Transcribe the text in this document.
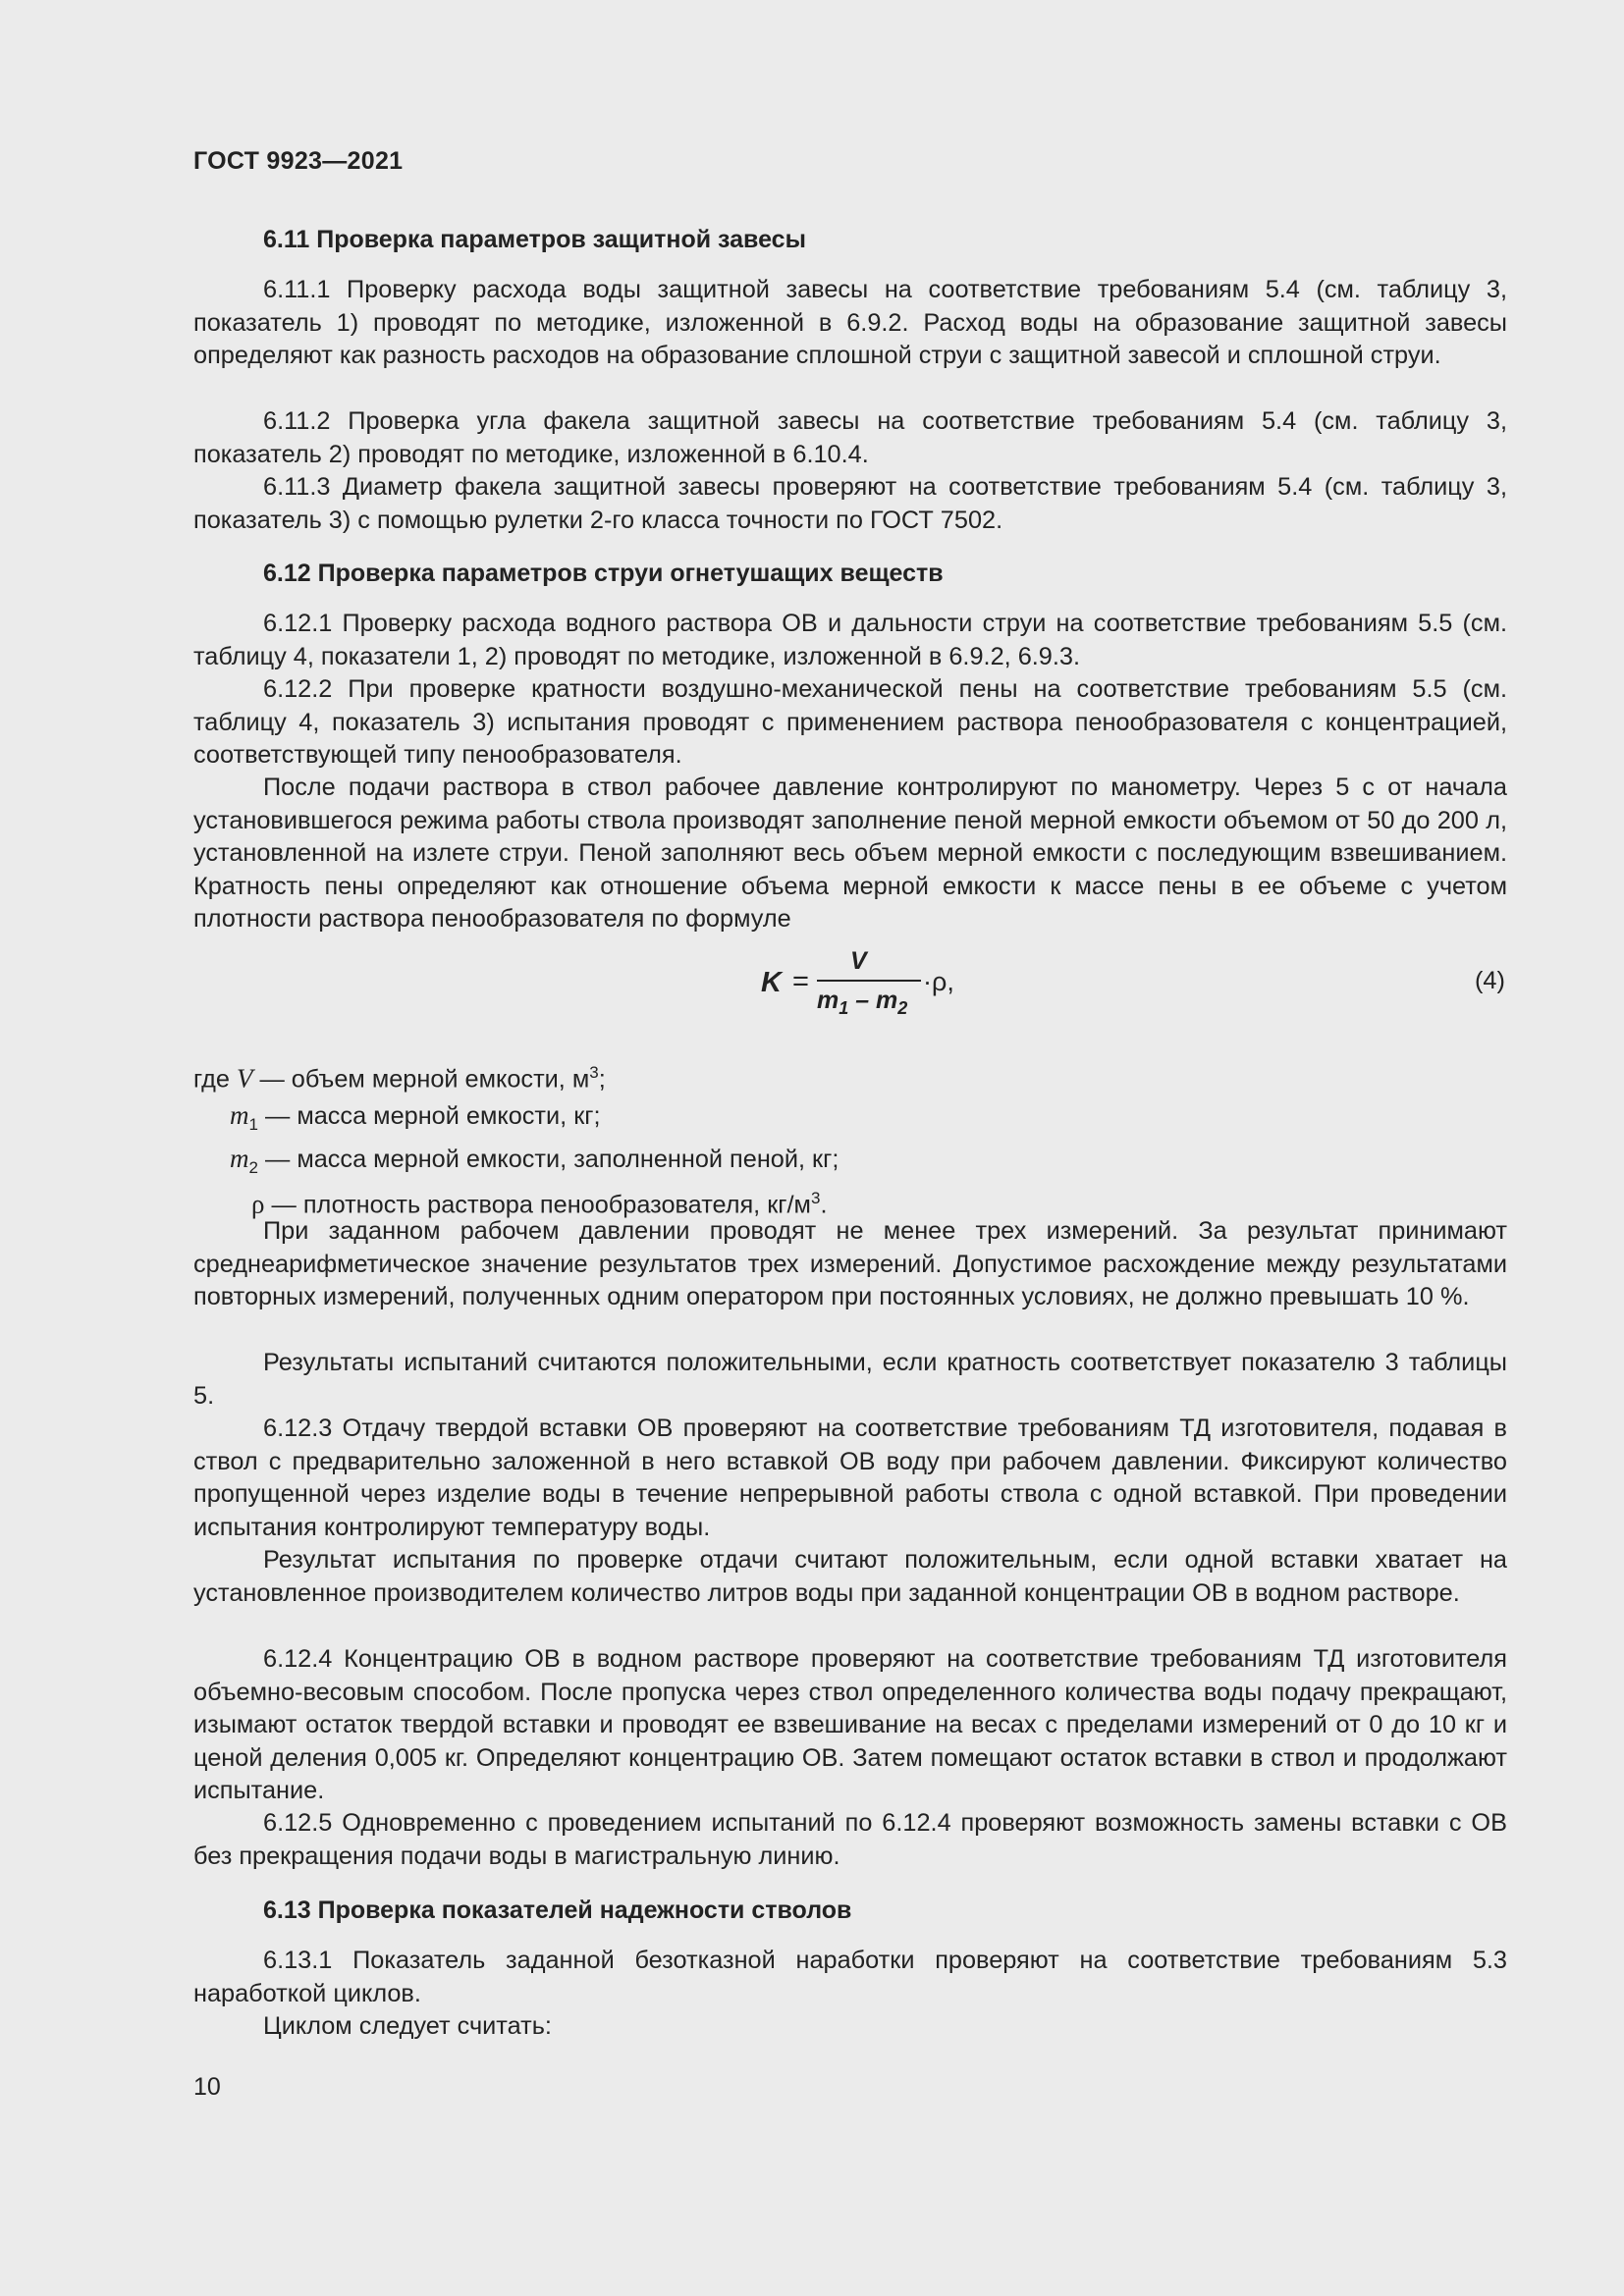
ГОСТ 9923—2021
6.11 Проверка параметров защитной завесы

6.11.1 Проверку расхода воды защитной завесы на соответствие требованиям 5.4 (см. таблицу 3, показатель 1) проводят по методике, изложенной в 6.9.2. Расход воды на образование защитной завесы определяют как разность расходов на образование сплошной струи с защитной завесой и сплошной струи.

6.11.2 Проверка угла факела защитной завесы на соответствие требованиям 5.4 (см. таблицу 3, показатель 2) проводят по методике, изложенной в 6.10.4.

6.11.3 Диаметр факела защитной завесы проверяют на соответствие требованиям 5.4 (см. таблицу 3, показатель 3) с помощью рулетки 2-го класса точности по ГОСТ 7502.

6.12 Проверка параметров струи огнетушащих веществ

6.12.1 Проверку расхода водного раствора ОВ и дальности струи на соответствие требованиям 5.5 (см. таблицу 4, показатели 1, 2) проводят по методике, изложенной в 6.9.2, 6.9.3.

6.12.2 При проверке кратности воздушно-механической пены на соответствие требованиям 5.5 (см. таблицу 4, показатель 3) испытания проводят с применением раствора пенообразователя с концентрацией, соответствующей типу пенообразователя.

После подачи раствора в ствол рабочее давление контролируют по манометру. Через 5 с от начала установившегося режима работы ствола производят заполнение пеной мерной емкости объемом от 50 до 200 л, установленной на излете струи. Пеной заполняют весь объем мерной емкости с последующим взвешиванием. Кратность пены определяют как отношение объема мерной емкости к массе пены в ее объеме с учетом плотности раствора пенообразователя по формуле

K =
V
$m_1 - m_2$
·ρ,	(4)
где V — объем мерной емкости, $м^3$;
$m_1$ — масса мерной емкости, кг;
$m_2$ — масса мерной емкости, заполненной пеной, кг;
ρ — плотность раствора пенообразователя, $кг/м^3$.

При заданном рабочем давлении проводят не менее трех измерений. За результат принимают среднеарифметическое значение результатов трех измерений. Допустимое расхождение между результатами повторных измерений, полученных одним оператором при постоянных условиях, не должно превышать 10 %.

Результаты испытаний считаются положительными, если кратность соответствует показателю 3 таблицы 5.

6.12.3 Отдачу твердой вставки ОВ проверяют на соответствие требованиям ТД изготовителя, подавая в ствол с предварительно заложенной в него вставкой ОВ воду при рабочем давлении. Фиксируют количество пропущенной через изделие воды в течение непрерывной работы ствола с одной вставкой. При проведении испытания контролируют температуру воды.

Результат испытания по проверке отдачи считают положительным, если одной вставки хватает на установленное производителем количество литров воды при заданной концентрации ОВ в водном растворе.

6.12.4 Концентрацию ОВ в водном растворе проверяют на соответствие требованиям ТД изготовителя объемно-весовым способом. После пропуска через ствол определенного количества воды подачу прекращают, изымают остаток твердой вставки и проводят ее взвешивание на весах с пределами измерений от 0 до 10 кг и ценой деления 0,005 кг. Определяют концентрацию ОВ. Затем помещают остаток вставки в ствол и продолжают испытание.

6.12.5 Одновременно с проведением испытаний по 6.12.4 проверяют возможность замены вставки с ОВ без прекращения подачи воды в магистральную линию.

6.13 Проверка показателей надежности стволов

6.13.1 Показатель заданной безотказной наработки проверяют на соответствие требованиям 5.3 наработкой циклов.

Циклом следует считать:

10
